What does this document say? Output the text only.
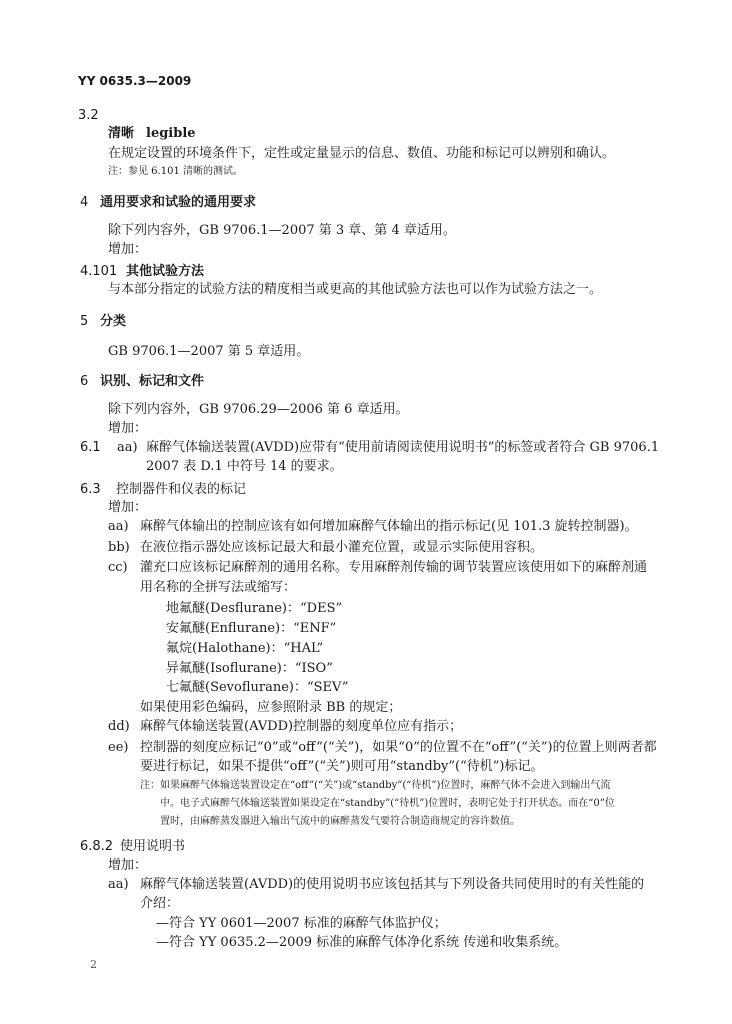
YY 0635.3—2009
3.2
清晰 legible
在规定设置的环境条件下，定性或定量显示的信息、数值、功能和标记可以辨别和确认。
注：参见 6.101 清晰的测试。
4 通用要求和试验的通用要求
除下列内容外，GB 9706.1—2007 第 3 章、第 4 章适用。
增加：
4.101 其他试验方法
与本部分指定的试验方法的精度相当或更高的其他试验方法也可以作为试验方法之一。
5 分类
GB 9706.1—2007 第 5 章适用。
6 识别、标记和文件
除下列内容外，GB 9706.29—2006 第 6 章适用。
增加：
6.1 aa) 麻醉气体输送装置(AVDD)应带有“使用前请阅读使用说明书”的标签或者符合 GB 9706.1
2007 表 D.1 中符号 14 的要求。
6.3 控制器件和仪表的标记
增加：
aa) 麻醉气体输出的控制应该有如何增加麻醉气体输出的指示标记(见 101.3 旋转控制器)。
bb) 在液位指示器处应该标记最大和最小灌充位置，或显示实际使用容积。
cc) 灌充口应该标记麻醉剂的通用名称。专用麻醉剂传输的调节装置应该使用如下的麻醉剂通
用名称的全拼写法或缩写：
地氟醚(Desflurane)：“DES”
安氟醚(Enflurane)：“ENF”
氟烷(Halothane)：“HAL”
异氟醚(Isoflurane)：“ISO”
七氟醚(Sevoflurane)：“SEV”
如果使用彩色编码，应参照附录 BB 的规定；
dd) 麻醉气体输送装置(AVDD)控制器的刻度单位应有指示；
ee) 控制器的刻度应标记“0”或“off”(“关”)，如果“0”的位置不在“off”(“关”)的位置上则两者都
要进行标记，如果不提供“off”(“关”)则可用“standby”(“待机”)标记。
注：如果麻醉气体输送装置设定在“off”(“关”)或“standby”(“待机”)位置时，麻醉气体不会进入到输出气流
中。电子式麻醉气体输送装置如果设定在“standby”(“待机”)位置时，表明它处于打开状态。而在“0”位
置时，由麻醉蒸发器进入输出气流中的麻醉蒸发气要符合制造商规定的容许数值。
6.8.2 使用说明书
增加：
aa) 麻醉气体输送装置(AVDD)的使用说明书应该包括其与下列设备共同使用时的有关性能的
介绍：
—符合 YY 0601—2007 标准的麻醉气体监护仪；
—符合 YY 0635.2—2009 标准的麻醉气体净化系统 传递和收集系统。
2
